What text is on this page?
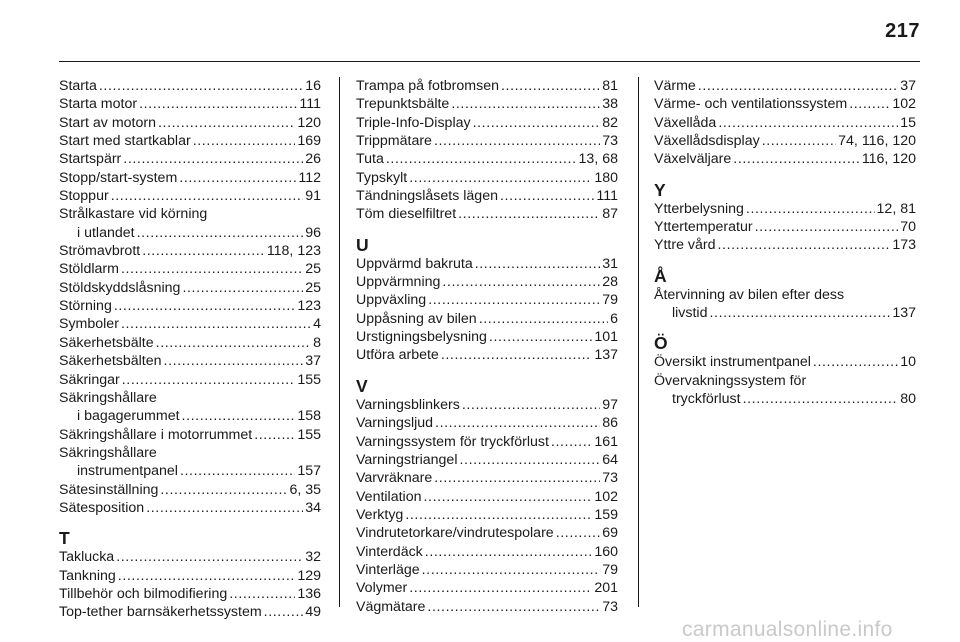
217
Starta .....	16
Starta motor .....	111
Start av motorn .....	120
Start med startkablar .....	169
Startspärr .....	26
Stopp/start-system .....	112
Stoppur .....	91
Strålkastare vid körning
i utlandet .....	96
Strömavbrott .....	118, 123
Stöldlarm .....	25
Stöldskyddslåsning .....	25
Störning .....	123
Symboler .....	4
Säkerhetsbälte .....	8
Säkerhetsbälten .....	37
Säkringar .....	155
Säkringshållare
i bagagerummet .....	158
Säkringshållare i motorrummet .....	155
Säkringshållare
instrumentpanel .....	157
Sätesinställning .....	6, 35
Sätesposition .....	34
T
Taklucka .....	32
Tankning .....	129
Tillbehör och bilmodifiering .....	136
Top-tether barnsäkerhetssystem .....	49
Trampa på fotbromsen .....	81
Trepunktsbälte .....	38
Triple-Info-Display .....	82
Trippmätare .....	73
Tuta .....	13, 68
Typskylt .....	180
Tändningslåsets lägen .....	111
Töm dieselfiltret .....	87
U
Uppvärmd bakruta .....	31
Uppvärmning .....	28
Uppväxling .....	79
Uppåsning av bilen .....	6
Urstigningsbelysning .....	101
Utföra arbete .....	137
V
Varningsblinkers .....	97
Varningsljud .....	86
Varningssystem för tryckförlust .....	161
Varningstriangel .....	64
Varvräknare .....	73
Ventilation .....	102
Verktyg .....	159
Vindrutetorkare/vindrutespolare .....	69
Vinterdäck .....	160
Vinterläge .....	79
Volymer .....	201
Vägmätare .....	73
Värme .....	37
Värme- och ventilationssystem .....	102
Växellåda .....	15
Växellådsdisplay .....	74, 116, 120
Växelväljare .....	116, 120
Y
Ytterbelysning .....	12, 81
Yttertemperatur .....	70
Yttre vård .....	173
Å
Återvinning av bilen efter dess
livstid .....	137
Ö
Översikt instrumentpanel .....	10
Övervakningssystem för
tryckförlust .....	80
carmanualsonline.info
